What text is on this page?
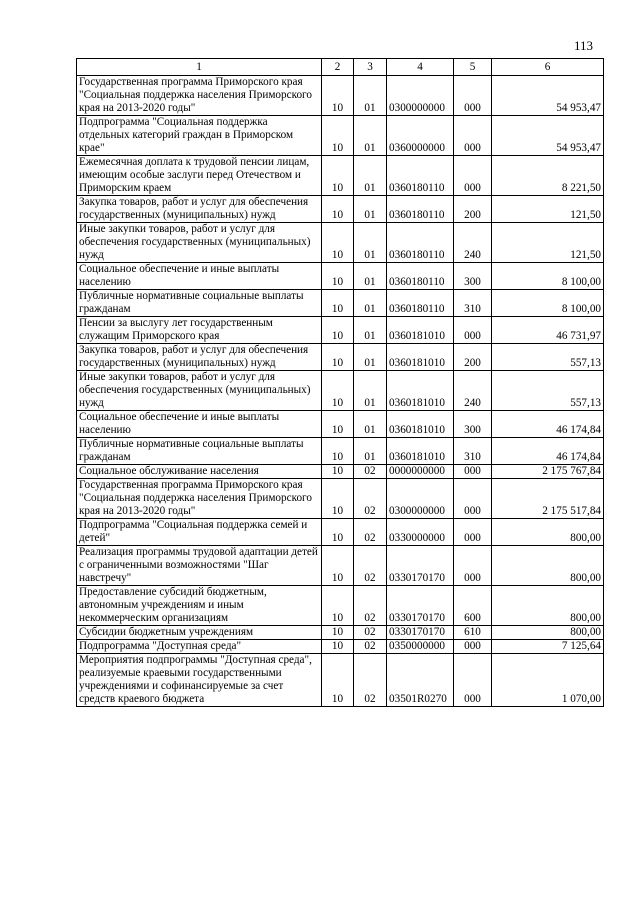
113
1	2	3	4	5	6
Государственная программа Приморского края "Социальная поддержка населения Приморского края на 2013-2020 годы"	10	01	0300000000	000	54 953,47
Подпрограмма "Социальная поддержка отдельных категорий граждан в Приморском крае"	10	01	0360000000	000	54 953,47
Ежемесячная доплата к трудовой пенсии лицам, имеющим особые заслуги перед Отечеством и Приморским краем	10	01	0360180110	000	8 221,50
Закупка товаров, работ и услуг для обеспечения государственных (муниципальных) нужд	10	01	0360180110	200	121,50
Иные закупки товаров, работ и услуг для обеспечения государственных (муниципальных) нужд	10	01	0360180110	240	121,50
Социальное обеспечение и иные выплаты населению	10	01	0360180110	300	8 100,00
Публичные нормативные социальные выплаты гражданам	10	01	0360180110	310	8 100,00
Пенсии за выслугу лет государственным служащим Приморского края	10	01	0360181010	000	46 731,97
Закупка товаров, работ и услуг для обеспечения государственных (муниципальных) нужд	10	01	0360181010	200	557,13
Иные закупки товаров, работ и услуг для обеспечения государственных (муниципальных) нужд	10	01	0360181010	240	557,13
Социальное обеспечение и иные выплаты населению	10	01	0360181010	300	46 174,84
Публичные нормативные социальные выплаты гражданам	10	01	0360181010	310	46 174,84
Социальное обслуживание населения	10	02	0000000000	000	2 175 767,84
Государственная программа Приморского края "Социальная поддержка населения Приморского края на 2013-2020 годы"	10	02	0300000000	000	2 175 517,84
Подпрограмма "Социальная поддержка семей и детей"	10	02	0330000000	000	800,00
Реализация программы трудовой адаптации детей с ограниченными возможностями "Шаг навстречу"	10	02	0330170170	000	800,00
Предоставление субсидий бюджетным, автономным учреждениям и иным некоммерческим организациям	10	02	0330170170	600	800,00
Субсидии бюджетным учреждениям	10	02	0330170170	610	800,00
Подпрограмма "Доступная среда"	10	02	0350000000	000	7 125,64
Мероприятия подпрограммы "Доступная среда", реализуемые краевыми государственными учреждениями и софинансируемые за счет средств краевого бюджета	10	02	03501R0270	000	1 070,00
